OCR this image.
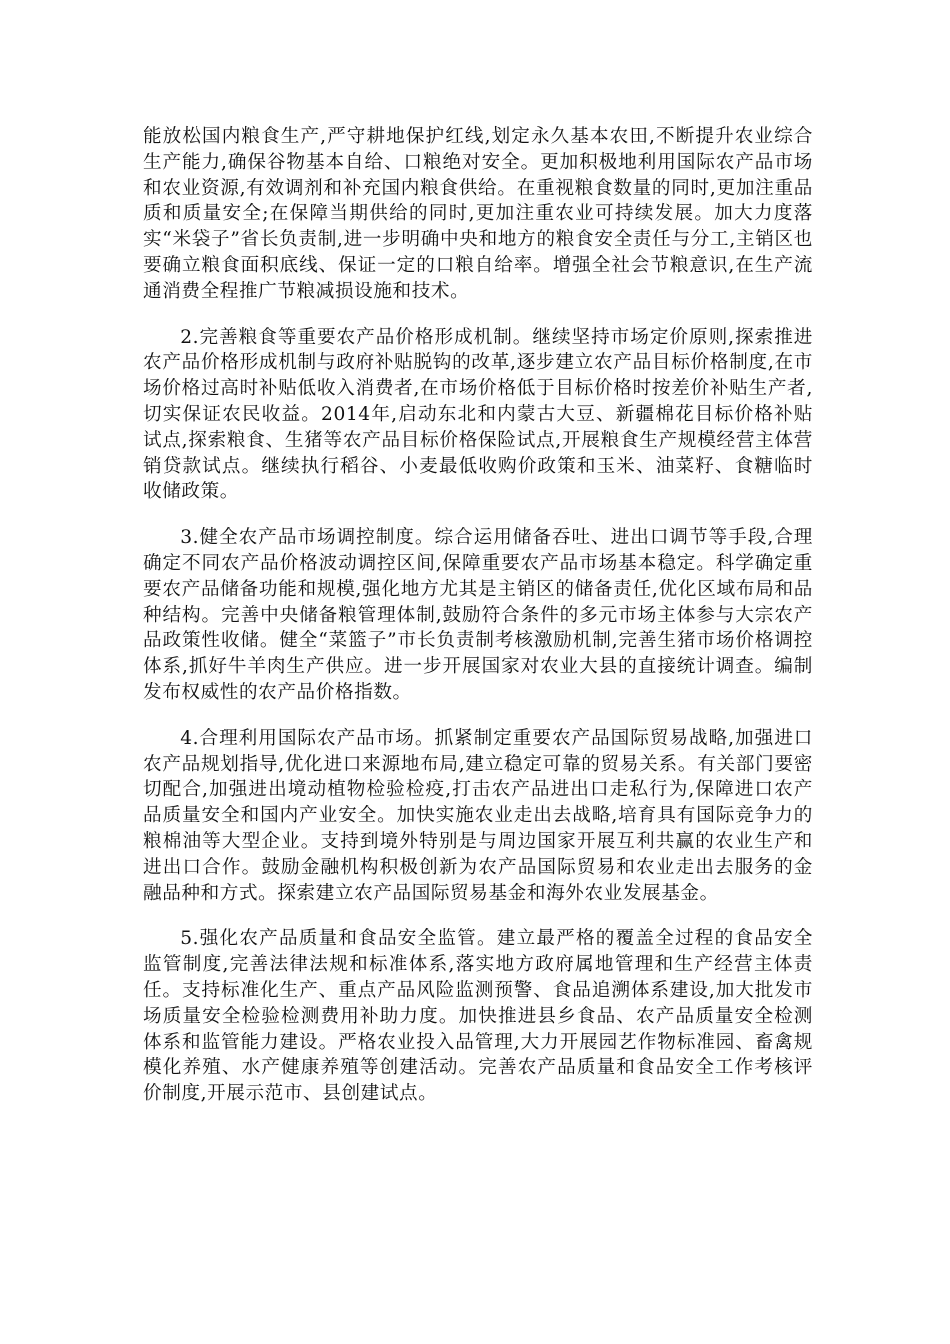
能放松国内粮食生产,严守耕地保护红线,划定永久基本农田,不断提升农业综合生产能力,确保谷物基本自给、口粮绝对安全。更加积极地利用国际农产品市场和农业资源,有效调剂和补充国内粮食供给。在重视粮食数量的同时,更加注重品质和质量安全;在保障当期供给的同时,更加注重农业可持续发展。加大力度落实“米袋子”省长负责制,进一步明确中央和地方的粮食安全责任与分工,主销区也要确立粮食面积底线、保证一定的口粮自给率。增强全社会节粮意识,在生产流通消费全程推广节粮减损设施和技术。

2.完善粮食等重要农产品价格形成机制。继续坚持市场定价原则,探索推进农产品价格形成机制与政府补贴脱钩的改革,逐步建立农产品目标价格制度,在市场价格过高时补贴低收入消费者,在市场价格低于目标价格时按差价补贴生产者,切实保证农民收益。2014年,启动东北和内蒙古大豆、新疆棉花目标价格补贴试点,探索粮食、生猪等农产品目标价格保险试点,开展粮食生产规模经营主体营销贷款试点。继续执行稻谷、小麦最低收购价政策和玉米、油菜籽、食糖临时收储政策。

3.健全农产品市场调控制度。综合运用储备吞吐、进出口调节等手段,合理确定不同农产品价格波动调控区间,保障重要农产品市场基本稳定。科学确定重要农产品储备功能和规模,强化地方尤其是主销区的储备责任,优化区域布局和品种结构。完善中央储备粮管理体制,鼓励符合条件的多元市场主体参与大宗农产品政策性收储。健全“菜篮子”市长负责制考核激励机制,完善生猪市场价格调控体系,抓好牛羊肉生产供应。进一步开展国家对农业大县的直接统计调查。编制发布权威性的农产品价格指数。

4.合理利用国际农产品市场。抓紧制定重要农产品国际贸易战略,加强进口农产品规划指导,优化进口来源地布局,建立稳定可靠的贸易关系。有关部门要密切配合,加强进出境动植物检验检疫,打击农产品进出口走私行为,保障进口农产品质量安全和国内产业安全。加快实施农业走出去战略,培育具有国际竞争力的粮棉油等大型企业。支持到境外特别是与周边国家开展互利共赢的农业生产和进出口合作。鼓励金融机构积极创新为农产品国际贸易和农业走出去服务的金融品种和方式。探索建立农产品国际贸易基金和海外农业发展基金。

5.强化农产品质量和食品安全监管。建立最严格的覆盖全过程的食品安全监管制度,完善法律法规和标准体系,落实地方政府属地管理和生产经营主体责任。支持标准化生产、重点产品风险监测预警、食品追溯体系建设,加大批发市场质量安全检验检测费用补助力度。加快推进县乡食品、农产品质量安全检测体系和监管能力建设。严格农业投入品管理,大力开展园艺作物标准园、畜禽规模化养殖、水产健康养殖等创建活动。完善农产品质量和食品安全工作考核评价制度,开展示范市、县创建试点。
